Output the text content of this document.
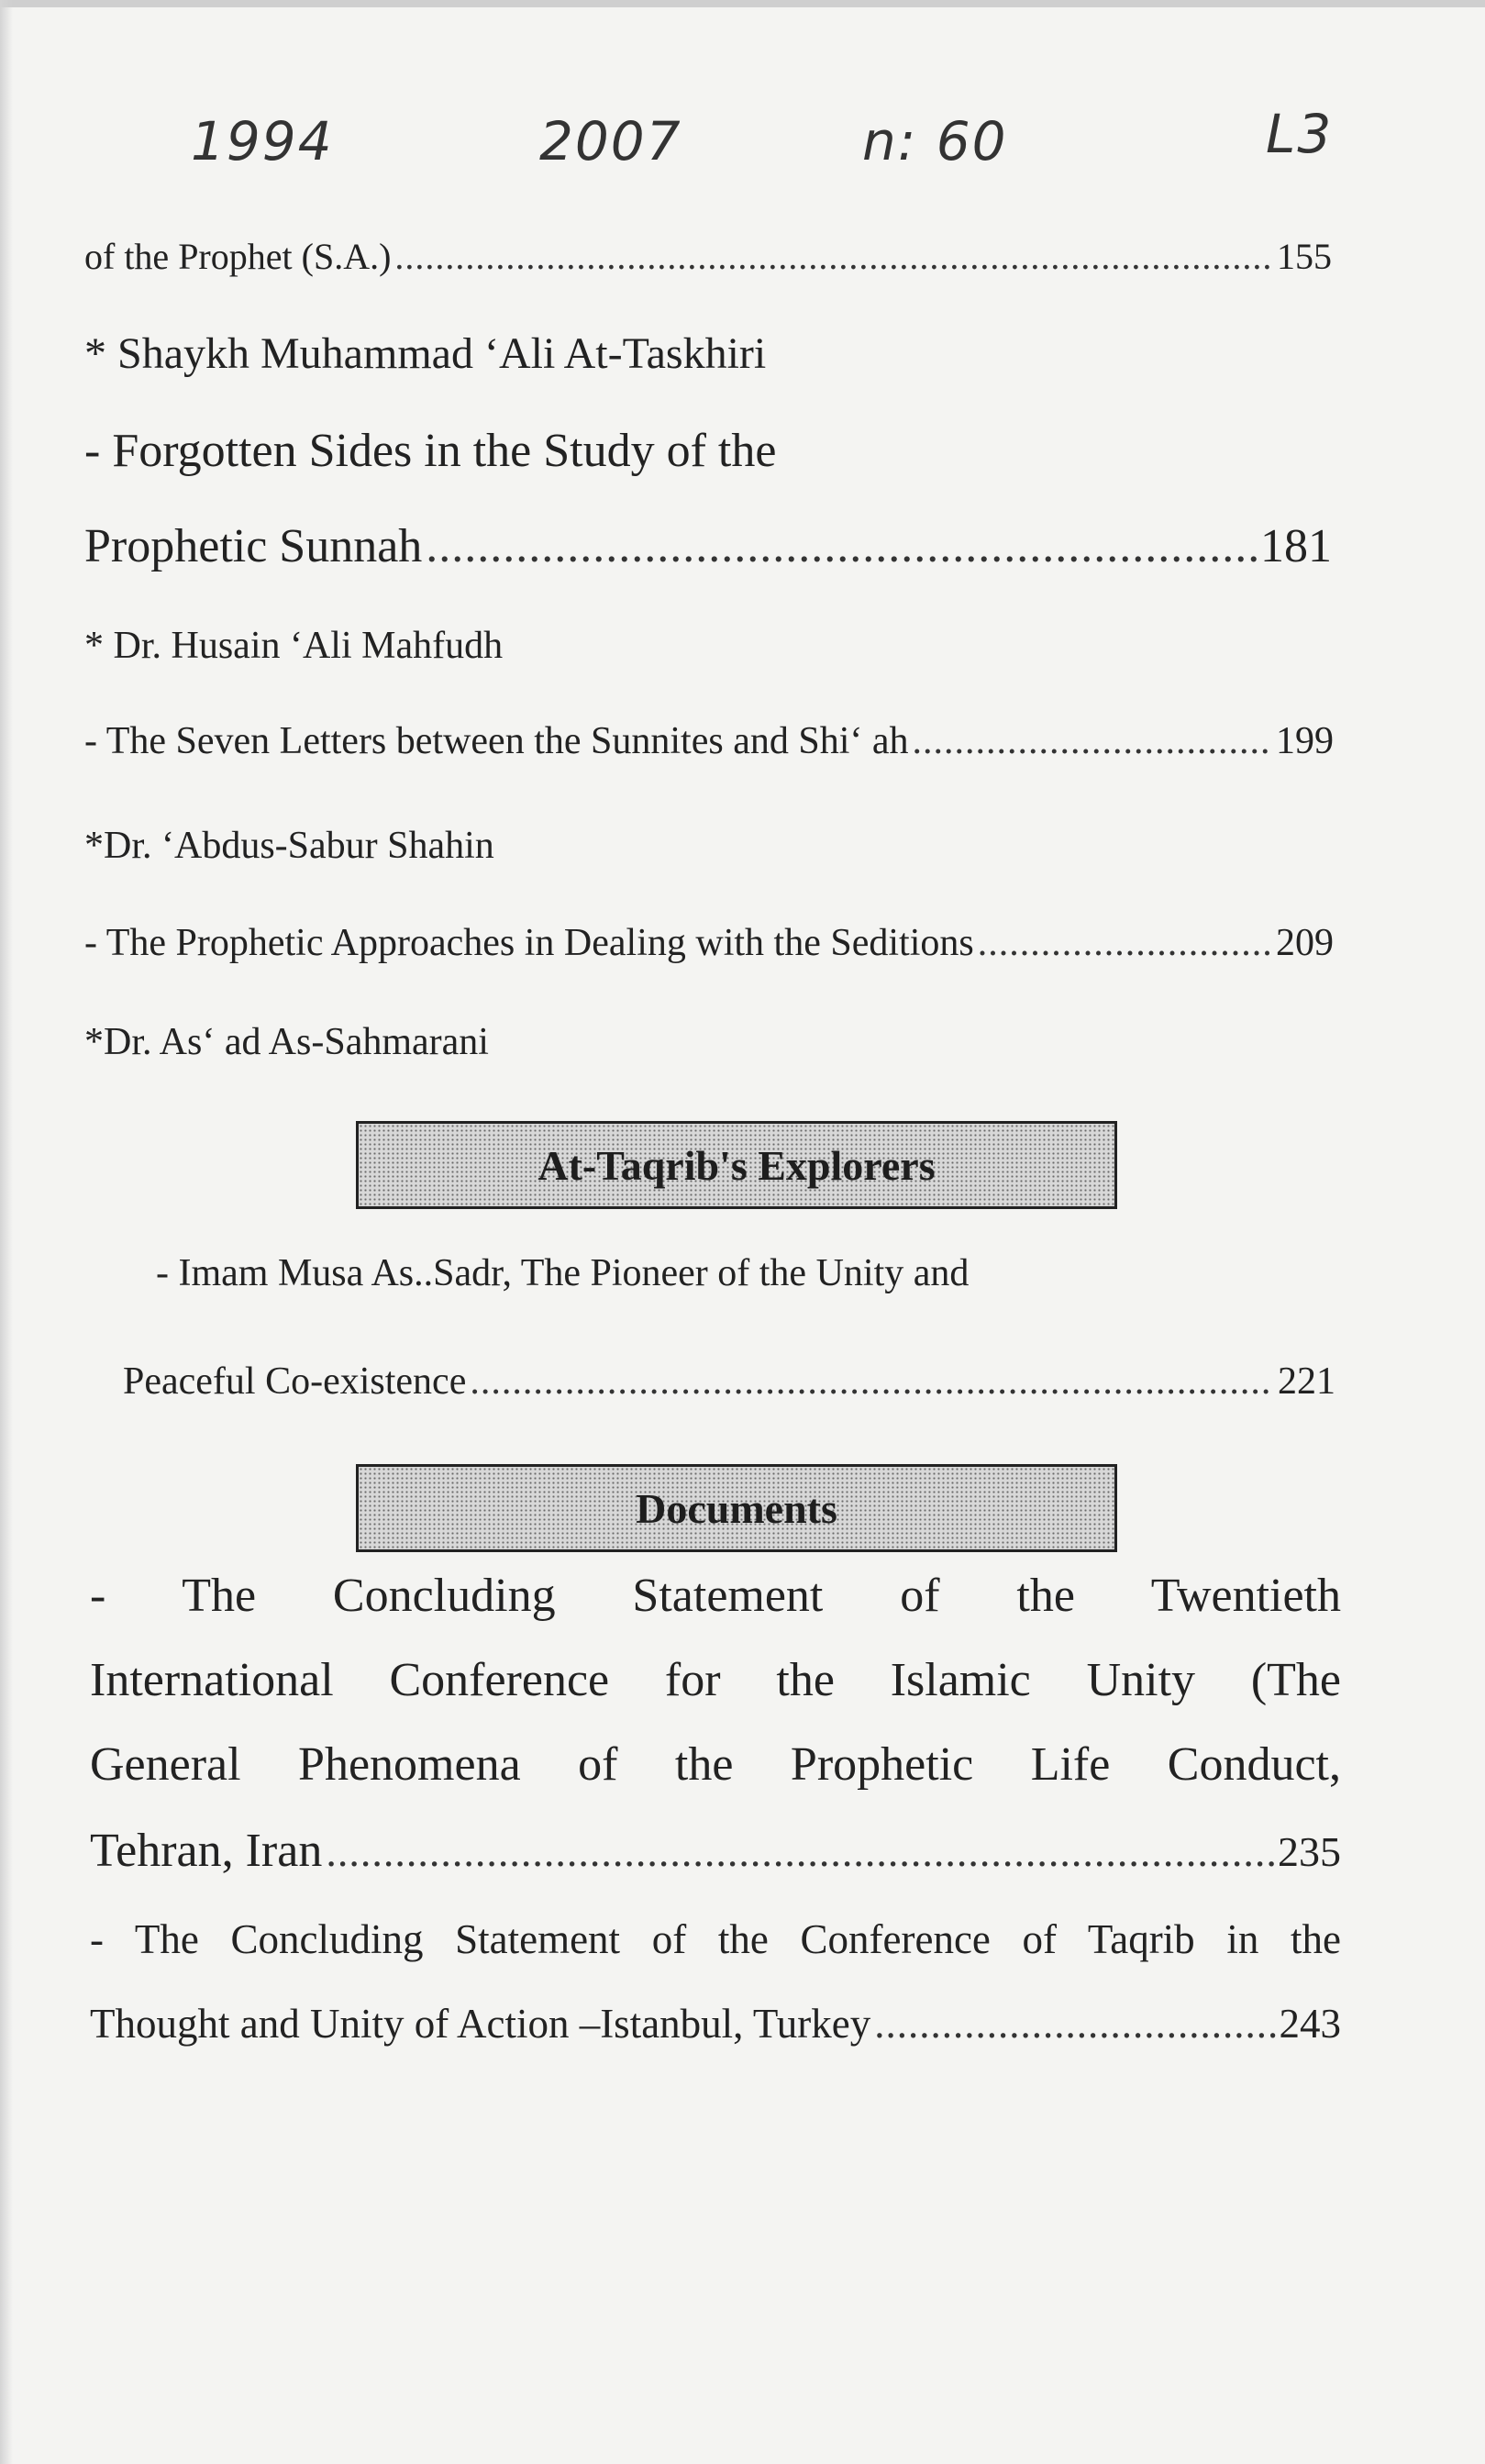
1994	2007	n: 60	L3
of the Prophet (S.A.) .....	155
* Shaykh Muhammad ‘Ali At-Taskhiri
- Forgotten Sides in the Study of the
Prophetic Sunnah .....	181
* Dr. Husain ‘Ali Mahfudh
- The Seven Letters between the Sunnites and Shi‘ ah .....	199
*Dr. ‘Abdus-Sabur Shahin
- The Prophetic Approaches in Dealing with the Seditions .....	209
*Dr. As‘ ad As-Sahmarani
At-Taqrib's Explorers
- Imam Musa As..Sadr, The Pioneer of the Unity and
Peaceful Co-existence .....	221
Documents
- The Concluding Statement of the Twentieth
International Conference for the Islamic Unity (The
General Phenomena of the Prophetic Life Conduct,
Tehran, Iran .....	235
- The Concluding Statement of the Conference of Taqrib in the
Thought and Unity of Action –Istanbul, Turkey .....	243
